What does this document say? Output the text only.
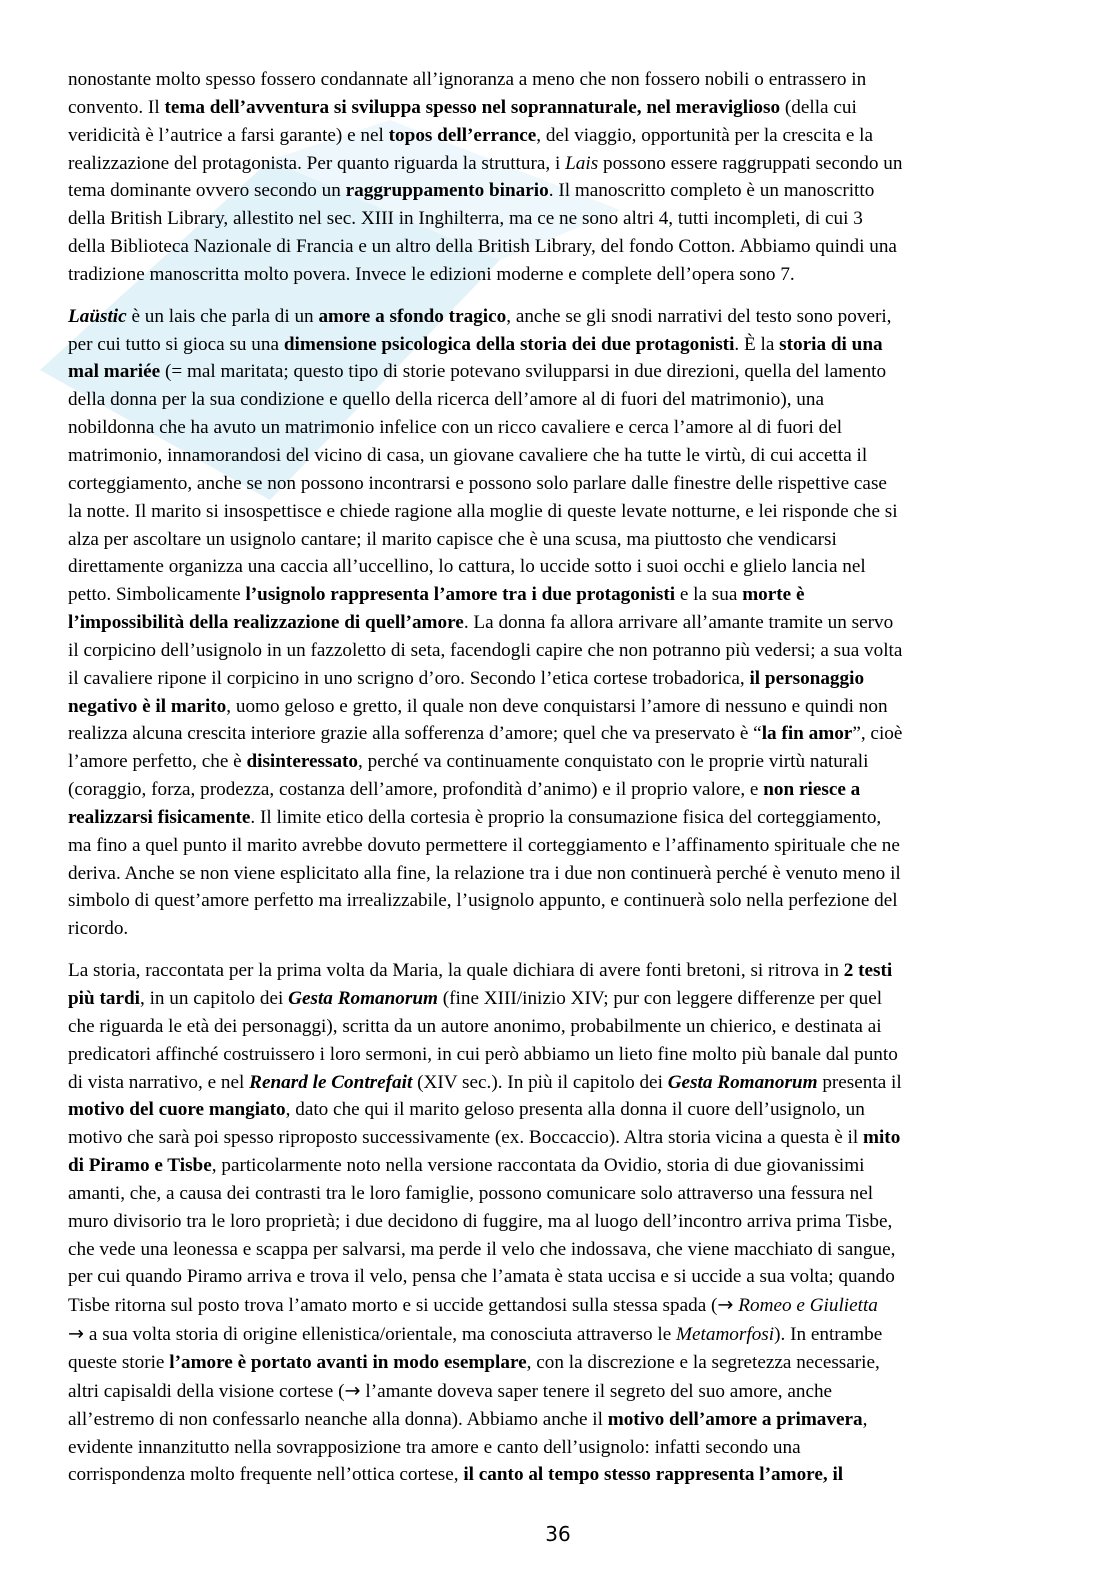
nonostante molto spesso fossero condannate all’ignoranza a meno che non fossero nobili o entrassero in
convento. Il tema dell’avventura si sviluppa spesso nel soprannaturale, nel meraviglioso (della cui
veridicità è l’autrice a farsi garante) e nel topos dell’errance, del viaggio, opportunità per la crescita e la
realizzazione del protagonista. Per quanto riguarda la struttura, i Lais possono essere raggruppati secondo un
tema dominante ovvero secondo un raggruppamento binario. Il manoscritto completo è un manoscritto
della British Library, allestito nel sec. XIII in Inghilterra, ma ce ne sono altri 4, tutti incompleti, di cui 3
della Biblioteca Nazionale di Francia e un altro della British Library, del fondo Cotton. Abbiamo quindi una
tradizione manoscritta molto povera. Invece le edizioni moderne e complete dell’opera sono 7.

Laüstic è un lais che parla di un amore a sfondo tragico, anche se gli snodi narrativi del testo sono poveri,
per cui tutto si gioca su una dimensione psicologica della storia dei due protagonisti. È la storia di una
mal mariée (= mal maritata; questo tipo di storie potevano svilupparsi in due direzioni, quella del lamento
della donna per la sua condizione e quello della ricerca dell’amore al di fuori del matrimonio), una
nobildonna che ha avuto un matrimonio infelice con un ricco cavaliere e cerca l’amore al di fuori del
matrimonio, innamorandosi del vicino di casa, un giovane cavaliere che ha tutte le virtù, di cui accetta il
corteggiamento, anche se non possono incontrarsi e possono solo parlare dalle finestre delle rispettive case
la notte. Il marito si insospettisce e chiede ragione alla moglie di queste levate notturne, e lei risponde che si
alza per ascoltare un usignolo cantare; il marito capisce che è una scusa, ma piuttosto che vendicarsi
direttamente organizza una caccia all’uccellino, lo cattura, lo uccide sotto i suoi occhi e glielo lancia nel
petto. Simbolicamente l’usignolo rappresenta l’amore tra i due protagonisti e la sua morte è
l’impossibilità della realizzazione di quell’amore. La donna fa allora arrivare all’amante tramite un servo
il corpicino dell’usignolo in un fazzoletto di seta, facendogli capire che non potranno più vedersi; a sua volta
il cavaliere ripone il corpicino in uno scrigno d’oro. Secondo l’etica cortese trobadorica, il personaggio
negativo è il marito, uomo geloso e gretto, il quale non deve conquistarsi l’amore di nessuno e quindi non
realizza alcuna crescita interiore grazie alla sofferenza d’amore; quel che va preservato è “la fin amor”, cioè
l’amore perfetto, che è disinteressato, perché va continuamente conquistato con le proprie virtù naturali
(coraggio, forza, prodezza, costanza dell’amore, profondità d’animo) e il proprio valore, e non riesce a
realizzarsi fisicamente. Il limite etico della cortesia è proprio la consumazione fisica del corteggiamento,
ma fino a quel punto il marito avrebbe dovuto permettere il corteggiamento e l’affinamento spirituale che ne
deriva. Anche se non viene esplicitato alla fine, la relazione tra i due non continuerà perché è venuto meno il
simbolo di quest’amore perfetto ma irrealizzabile, l’usignolo appunto, e continuerà solo nella perfezione del
ricordo.

La storia, raccontata per la prima volta da Maria, la quale dichiara di avere fonti bretoni, si ritrova in 2 testi
più tardi, in un capitolo dei Gesta Romanorum (fine XIII/inizio XIV; pur con leggere differenze per quel
che riguarda le età dei personaggi), scritta da un autore anonimo, probabilmente un chierico, e destinata ai
predicatori affinché costruissero i loro sermoni, in cui però abbiamo un lieto fine molto più banale dal punto
di vista narrativo, e nel Renard le Contrefait (XIV sec.). In più il capitolo dei Gesta Romanorum presenta il
motivo del cuore mangiato, dato che qui il marito geloso presenta alla donna il cuore dell’usignolo, un
motivo che sarà poi spesso riproposto successivamente (ex. Boccaccio). Altra storia vicina a questa è il mito
di Piramo e Tisbe, particolarmente noto nella versione raccontata da Ovidio, storia di due giovanissimi
amanti, che, a causa dei contrasti tra le loro famiglie, possono comunicare solo attraverso una fessura nel
muro divisorio tra le loro proprietà; i due decidono di fuggire, ma al luogo dell’incontro arriva prima Tisbe,
che vede una leonessa e scappa per salvarsi, ma perde il velo che indossava, che viene macchiato di sangue,
per cui quando Piramo arriva e trova il velo, pensa che l’amata è stata uccisa e si uccide a sua volta; quando
Tisbe ritorna sul posto trova l’amato morto e si uccide gettandosi sulla stessa spada (→ Romeo e Giulietta
→ a sua volta storia di origine ellenistica/orientale, ma conosciuta attraverso le Metamorfosi). In entrambe
queste storie l’amore è portato avanti in modo esemplare, con la discrezione e la segretezza necessarie,
altri capisaldi della visione cortese (→ l’amante doveva saper tenere il segreto del suo amore, anche
all’estremo di non confessarlo neanche alla donna). Abbiamo anche il motivo dell’amore a primavera,
evidente innanzitutto nella sovrapposizione tra amore e canto dell’usignolo: infatti secondo una
corrispondenza molto frequente nell’ottica cortese, il canto al tempo stesso rappresenta l’amore, il

36
